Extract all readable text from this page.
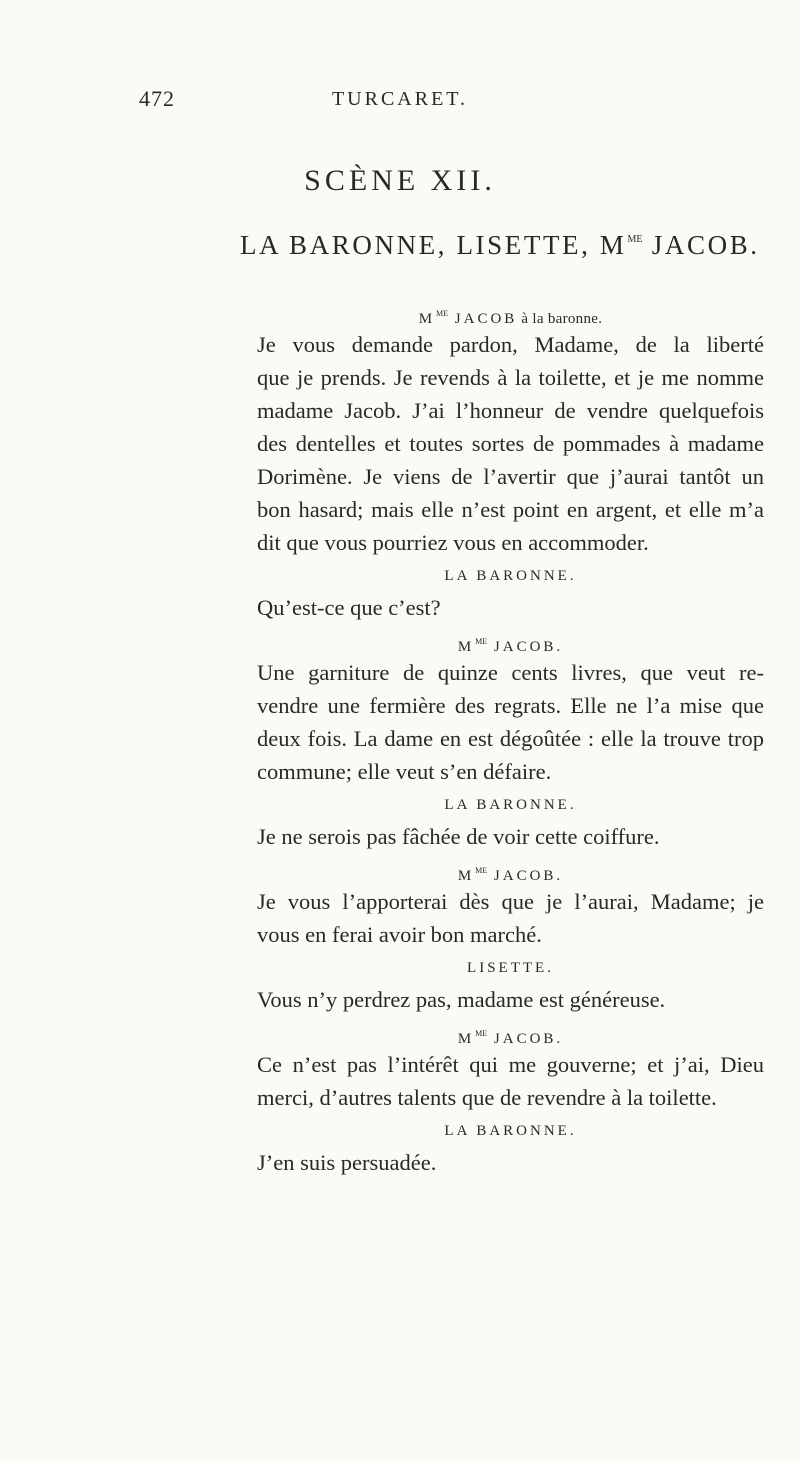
472	TURCARET.
SCÈNE XII.
LA BARONNE, LISETTE, $M^{ME}$ JACOB.
$M^{ME}$ JACOB à la baronne.
Je vous demande pardon, Madame, de la liberté
que je prends. Je revends à la toilette, et je me nomme
madame Jacob. J’ai l’honneur de vendre quelquefois
des dentelles et toutes sortes de pommades à madame
Dorimène. Je viens de l’avertir que j’aurai tantôt un
bon hasard; mais elle n’est point en argent, et elle m’a
dit que vous pourriez vous en accommoder.
LA BARONNE.
Qu’est-ce que c’est?
$M^{ME}$ JACOB.
Une garniture de quinze cents livres, que veut re-
vendre une fermière des regrats. Elle ne l’a mise que
deux fois. La dame en est dégoûtée : elle la trouve trop
commune; elle veut s’en défaire.
LA BARONNE.
Je ne serois pas fâchée de voir cette coiffure.
$M^{ME}$ JACOB.
Je vous l’apporterai dès que je l’aurai, Madame; je
vous en ferai avoir bon marché.
LISETTE.
Vous n’y perdrez pas, madame est généreuse.
$M^{ME}$ JACOB.
Ce n’est pas l’intérêt qui me gouverne; et j’ai, Dieu
merci, d’autres talents que de revendre à la toilette.
LA BARONNE.
J’en suis persuadée.
